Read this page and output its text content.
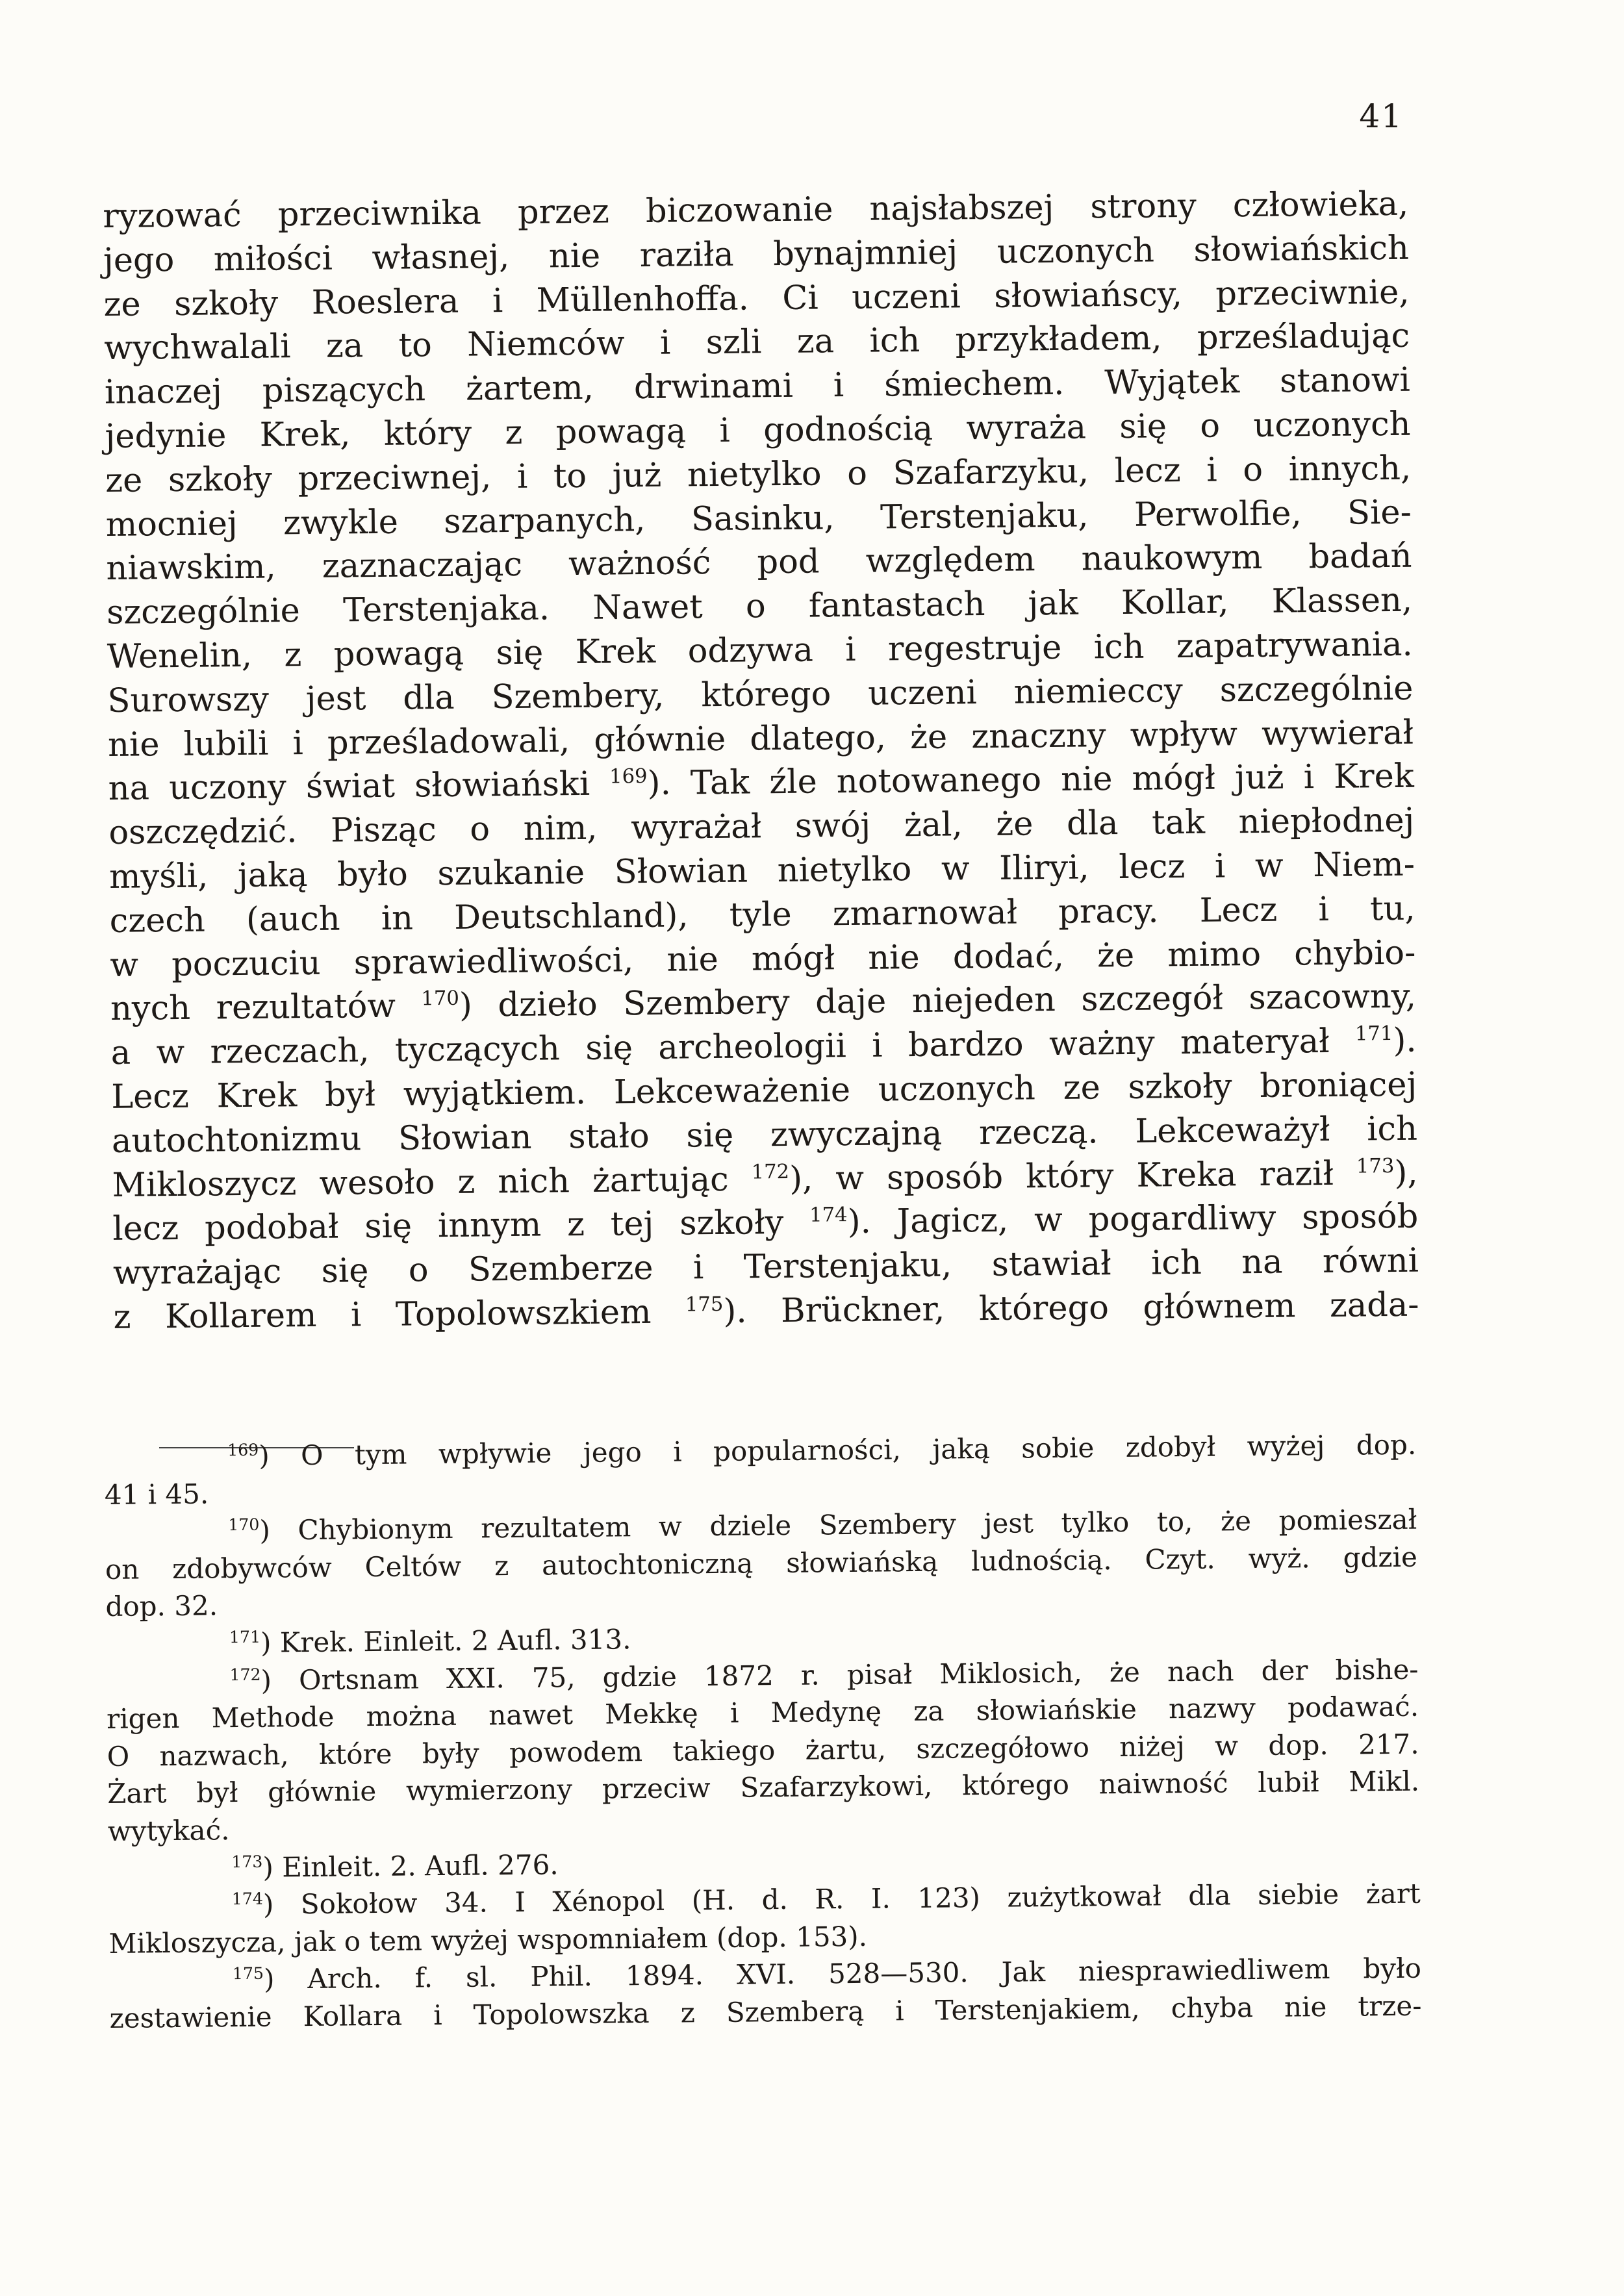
41
ryzować przeciwnika przez biczowanie najsłabszej strony człowieka,
jego miłości własnej, nie raziła bynajmniej uczonych słowiańskich
ze szkoły Roeslera i Müllenhoffa. Ci uczeni słowiańscy, przeciwnie,
wychwalali za to Niemców i szli za ich przykładem, prześladując
inaczej piszących żartem, drwinami i śmiechem. Wyjątek stanowi
jedynie Krek, który z powagą i godnością wyraża się o uczonych
ze szkoły przeciwnej, i to już nietylko o Szafarzyku, lecz i o innych,
mocniej zwykle szarpanych, Sasinku, Terstenjaku, Perwolfie, Sie-
niawskim, zaznaczając ważność pod względem naukowym badań
szczególnie Terstenjaka. Nawet o fantastach jak Kollar, Klassen,
Wenelin, z powagą się Krek odzywa i regestruje ich zapatrywania.
Surowszy jest dla Szembery, którego uczeni niemieccy szczególnie
nie lubili i prześladowali, głównie dlatego, że znaczny wpływ wywierał
na uczony świat słowiański $^{169}$). Tak źle notowanego nie mógł już i Krek
oszczędzić. Pisząc o nim, wyrażał swój żal, że dla tak niepłodnej
myśli, jaką było szukanie Słowian nietylko w Iliryi, lecz i w Niem-
czech (auch in Deutschland), tyle zmarnował pracy. Lecz i tu,
w poczuciu sprawiedliwości, nie mógł nie dodać, że mimo chybio-
nych rezultatów $^{170}$) dzieło Szembery daje niejeden szczegół szacowny,
a w rzeczach, tyczących się archeologii i bardzo ważny materyał $^{171}$).
Lecz Krek był wyjątkiem. Lekceważenie uczonych ze szkoły broniącej
autochtonizmu Słowian stało się zwyczajną rzeczą. Lekceważył ich
Mikloszycz wesoło z nich żartując $^{172}$), w sposób który Kreka raził $^{173}$),
lecz podobał się innym z tej szkoły $^{174}$). Jagicz, w pogardliwy sposób
wyrażając się o Szemberze i Terstenjaku, stawiał ich na równi
z Kollarem i Topolowszkiem $^{175}$). Brückner, którego głównem zada-
$^{169}$) O tym wpływie jego i popularności, jaką sobie zdobył wyżej dop.
41 i 45.
$^{170}$) Chybionym rezultatem w dziele Szembery jest tylko to, że pomieszał
on zdobywców Celtów z autochtoniczną słowiańską ludnością. Czyt. wyż. gdzie
dop. 32.
$^{171}$) Krek. Einleit. 2 Aufl. 313.
$^{172}$) Ortsnam XXI. 75, gdzie 1872 r. pisał Miklosich, że nach der bishe-
rigen Methode można nawet Mekkę i Medynę za słowiańskie nazwy podawać.
O nazwach, które były powodem takiego żartu, szczegółowo niżej w dop. 217.
Żart był głównie wymierzony przeciw Szafarzykowi, którego naiwność lubił Mikl.
wytykać.
$^{173}$) Einleit. 2. Aufl. 276.
$^{174}$) Sokołow 34. I Xénopol (H. d. R. I. 123) zużytkował dla siebie żart
Mikloszycza, jak o tem wyżej wspomniałem (dop. 153).
$^{175}$) Arch. f. sl. Phil. 1894. XVI. 528—530. Jak niesprawiedliwem było
zestawienie Kollara i Topolowszka z Szemberą i Terstenjakiem, chyba nie trze-
